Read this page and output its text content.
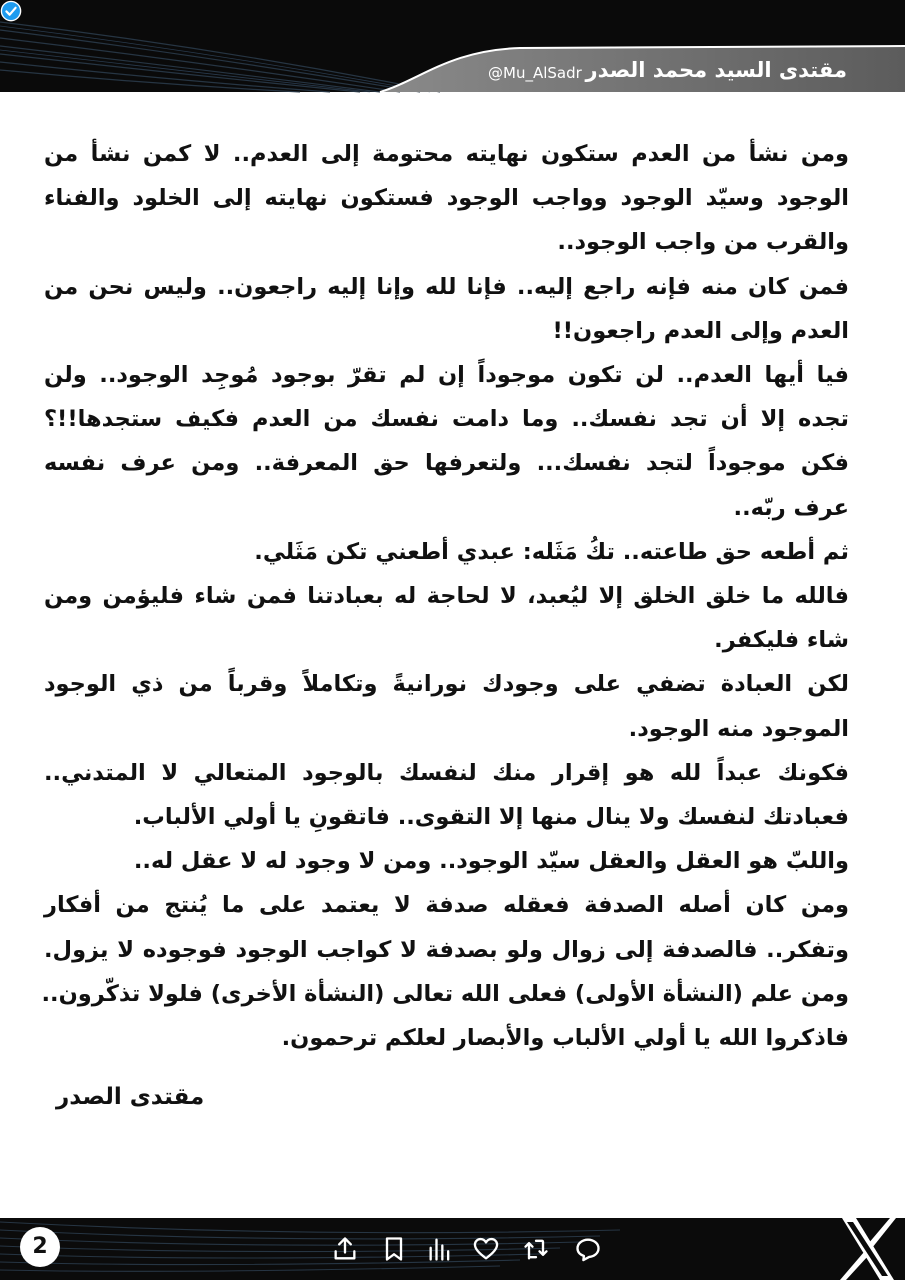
مقتدى السيد محمد الصدر
@Mu_AlSadr
ومن نشأ من العدم ستكون نهايته محتومة إلى العدم.. لا كمن نشأ من
الوجود وسيّد الوجود وواجب الوجود فستكون نهايته إلى الخلود والفناء
والقرب من واجب الوجود..
فمن كان منه فإنه راجع إليه.. فإنا لله وإنا إليه راجعون.. وليس نحن من
العدم وإلى العدم راجعون!!
فيا أيها العدم.. لن تكون موجوداً إن لم تقرّ بوجود مُوجِد الوجود.. ولن
تجده إلا أن تجد نفسك.. وما دامت نفسك من العدم فكيف ستجدها!!؟
فكن موجوداً لتجد نفسك... ولتعرفها حق المعرفة.. ومن عرف نفسه
عرف ربّه..
ثم أطعه حق طاعته.. تكُ مَثَله: عبدي أطعني تكن مَثَلي.
فالله ما خلق الخلق إلا ليُعبد، لا لحاجة له بعبادتنا فمن شاء فليؤمن ومن
شاء فليكفر.
لكن العبادة تضفي على وجودك نورانيةً وتكاملاً وقرباً من ذي الوجود
الموجود منه الوجود.
فكونك عبداً لله هو إقرار منك لنفسك بالوجود المتعالي لا المتدني..
فعبادتك لنفسك ولا ينال منها إلا التقوى.. فاتقونِ يا أولي الألباب.
واللبّ هو العقل والعقل سيّد الوجود.. ومن لا وجود له لا عقل له..
ومن كان أصله الصدفة فعقله صدفة لا يعتمد على ما يُنتج من أفكار
وتفكر.. فالصدفة إلى زوال ولو بصدفة لا كواجب الوجود فوجوده لا يزول.
ومن علم (النشأة الأولى) فعلى الله تعالى (النشأة الأخرى) فلولا تذكّرون..
فاذكروا الله يا أولي الألباب والأبصار لعلكم ترحمون.
مقتدى الصدر
2
